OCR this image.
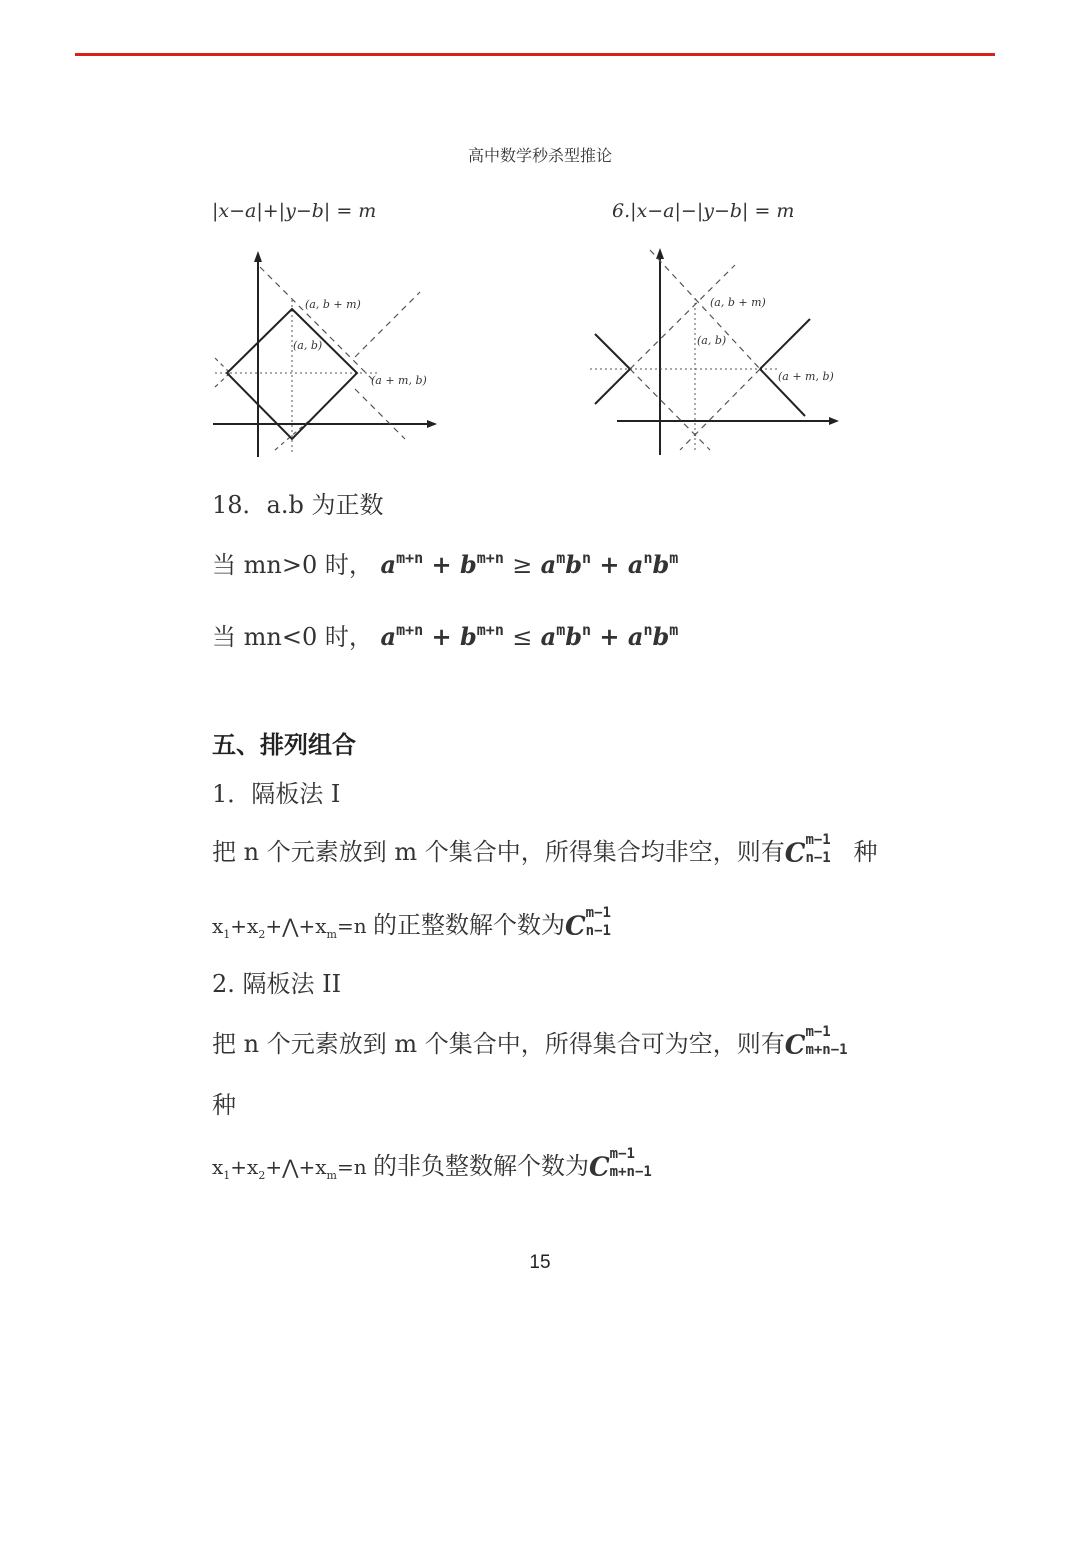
高中数学秒杀型推论
|x−a|+|y−b| = m	6.|x−a|−|y−b| = m
(a, b + m)
(a, b)
(a + m, b)
(a, b + m)
(a, b)
(a + m, b)
18．a.b 为正数
当 mn>0 时， $a^{m+n} + b^{m+n} \ge a^mb^n + a^nb^m$
当 mn<0 时， $a^{m+n} + b^{m+n} \le a^mb^n + a^nb^m$
五、排列组合
1．隔板法 I
把 n 个元素放到 m 个集合中，所得集合均非空，则有C m−1
n−1 种
$x_1+x_2+⋀+x_m=n$ 的正整数解个数为C m−1
n−1
2. 隔板法 II
把 n 个元素放到 m 个集合中，所得集合可为空，则有C m−1
m+n−1
种
$x_1+x_2+⋀+x_m=n$ 的非负整数解个数为C m−1
m+n−1
15
